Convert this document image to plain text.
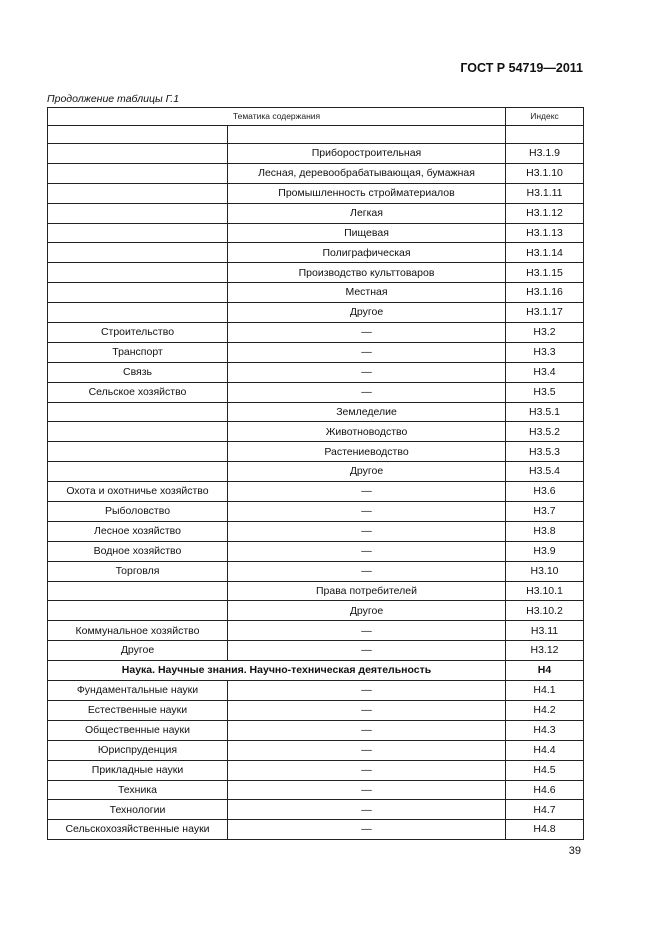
ГОСТ Р 54719—2011
Продолжение таблицы Г.1
Тематика содержания		Индекс

	Приборостроительная	Н3.1.9
	Лесная, деревообрабатывающая, бумажная	Н3.1.10
	Промышленность стройматериалов	Н3.1.11
	Легкая	Н3.1.12
	Пищевая	Н3.1.13
	Полиграфическая	Н3.1.14
	Производство культтоваров	Н3.1.15
	Местная	Н3.1.16
	Другое	Н3.1.17
Строительство	—	Н3.2
Транспорт	—	Н3.3
Связь	—	Н3.4
Сельское хозяйство	—	Н3.5
	Земледелие	Н3.5.1
	Животноводство	Н3.5.2
	Растениеводство	Н3.5.3
	Другое	Н3.5.4
Охота и охотничье хозяйство	—	Н3.6
Рыболовство	—	Н3.7
Лесное хозяйство	—	Н3.8
Водное хозяйство	—	Н3.9
Торговля	—	Н3.10
	Права потребителей	Н3.10.1
	Другое	Н3.10.2
Коммунальное хозяйство	—	Н3.11
Другое	—	Н3.12
Наука. Научные знания. Научно-техническая деятельность		Н4
Фундаментальные науки	—	Н4.1
Естественные науки	—	Н4.2
Общественные науки	—	Н4.3
Юриспруденция	—	Н4.4
Прикладные науки	—	Н4.5
Техника	—	Н4.6
Технологии	—	Н4.7
Сельскохозяйственные науки	—	Н4.8
39
